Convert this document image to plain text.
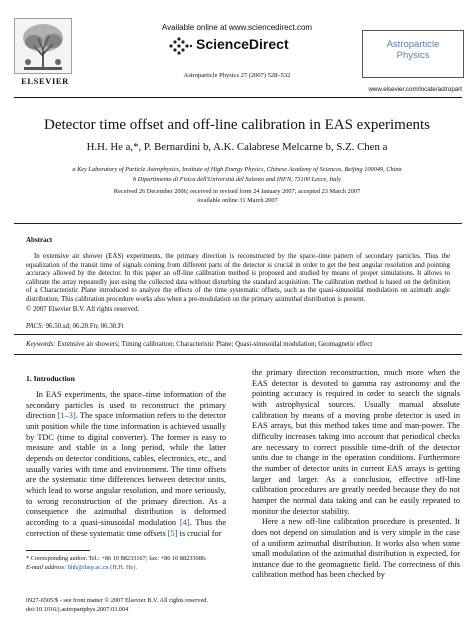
ELSEVIER
Available online at www.sciencedirect.com
ScienceDirect
Astroparticle Physics 27 (2007) 528–532
Astroparticle
Physics
www.elsevier.com/locate/astropart
Detector time offset and off-line calibration in EAS experiments
H.H. He a,*, P. Bernardini b, A.K. Calabrese Melcarne b, S.Z. Chen a
a Key Laboratory of Particle Astrophysics, Institute of High Energy Physics, Chinese Academy of Sciences, Beijing 100049, China
b Dipartimento di Fisica dell'Università del Salento and INFN, 73100 Lecce, Italy
Received 26 December 2006; received in revised form 24 January 2007; accepted 23 March 2007
Available online 31 March 2007
Abstract

In extensive air shower (EAS) experiments, the primary direction is reconstructed by the space–time pattern of secondary particles. Thus the equalization of the transit time of signals coming from different parts of the detector is crucial in order to get the best angular resolution and pointing accuracy allowed by the detector. In this paper an off-line calibration method is proposed and studied by means of proper simulations. It allows to calibrate the array repeatedly just using the collected data without disturbing the standard acquisition. The calibration method is based on the definition of a Characteristic Plane introduced to analyze the effects of the time systematic offsets, such as the quasi-sinusoidal modulation on azimuth angle distribution. This calibration procedure works also when a pre-modulation on the primary azimuthal distribution is present.

© 2007 Elsevier B.V. All rights reserved.
PACS: 96.50.sd; 06.20.Fn; 06.30.Ft
Keywords: Extensive air showers; Timing calibration; Characteristic Plane; Quasi-sinusoidal modulation; Geomagnetic effect
1. Introduction

In EAS experiments, the space–time information of the secondary particles is used to reconstruct the primary direction [1–3]. The space information refers to the detector unit position while the time information is achieved usually by TDC (time to digital converter). The former is easy to measure and stable in a long period, while the latter depends on detector conditions, cables, electronics, etc., and usually varies with time and environment. The time offsets are the systematic time differences between detector units, which lead to worse angular resolution, and more seriously, to wrong reconstruction of the primary direction. As a consequence the azimuthal distribution is deformed according to a quasi-sinusoidal modulation [4]. Thus the correction of these systematic time offsets [5] is crucial for

the primary direction reconstruction, much more when the EAS detector is devoted to gamma ray astronomy and the pointing accuracy is required in order to search the signals with astrophysical sources. Usually manual absolute calibration by means of a moving probe detector is used in EAS arrays, but this method takes time and man-power. The difficulty increases taking into account that periodical checks are necessary to correct possible time-drift of the detector units due to change in the operation conditions. Furthermore the number of detector units in current EAS arrays is getting larger and larger. As a conclusion, effective off-line calibration procedures are greatly needed because they do not hamper the normal data taking and can be easily repeated to monitor the detector stability.

Here a new off-line calibration procedure is presented. It does not depend on simulation and is very simple in the case of a uniform azimuthal distribution. It works also when some small modulation of the azimuthal distribution is expected, for instance due to the geomagnetic field. The correctness of this calibration method has been checked by

* Corresponding author. Tel.: +86 10 88233167; fax: +86 10 88233086.
E-mail address: hhh@ihep.ac.cn (H.H. He).
0927-6505/$ - see front matter © 2007 Elsevier B.V. All rights reserved.
doi:10.1016/j.astropartphys.2007.03.004
